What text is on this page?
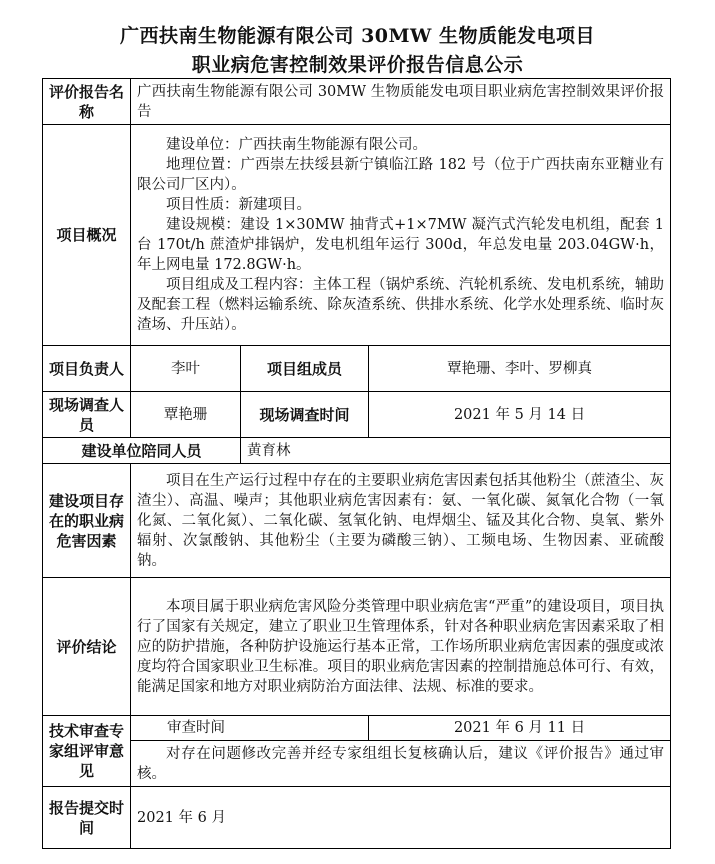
广西扶南生物能源有限公司 30MW 生物质能发电项目
职业病危害控制效果评价报告信息公示
评价报告名称	广西扶南生物能源有限公司 30MW 生物质能发电项目职业病危害控制效果评价报告		

项目概况	建设单位：广西扶南生物能源有限公司。

地理位置：广西崇左扶绥县新宁镇临江路 182 号（位于广西扶南东亚糖业有限公司厂区内）。

项目性质：新建项目。

建设规模：建设 1×30MW 抽背式+1×7MW 凝汽式汽轮发电机组，配套 1 台 170t/h 蔗渣炉排锅炉，发电机组年运行 300d，年总发电量 203.04GW·h，年上网电量 172.8GW·h。

项目组成及工程内容：主体工程（锅炉系统、汽轮机系统、发电机系统，辅助及配套工程（燃料运输系统、除灰渣系统、供排水系统、化学水处理系统、临时灰渣场、升压站）。		

项目负责人	李叶	项目组成员	覃艳珊、李叶、罗柳真
现场调查人员	覃艳珊	现场调查时间	2021 年 5 月 14 日
建设单位陪同人员		黄育林	
建设项目存在的职业病危害因素	项目在生产运行过程中存在的主要职业病危害因素包括其他粉尘（蔗渣尘、灰渣尘）、高温、噪声；其他职业病危害因素有：氨、一氧化碳、氮氧化合物（一氧化氮、二氧化氮）、二氧化碳、氢氧化钠、电焊烟尘、锰及其化合物、臭氧、紫外辐射、次氯酸钠、其他粉尘（主要为磷酸三钠）、工频电场、生物因素、亚硫酸钠。		

评价结论	本项目属于职业病危害风险分类管理中职业病危害“严重”的建设项目，项目执行了国家有关规定，建立了职业卫生管理体系，针对各种职业病危害因素采取了相应的防护措施，各种防护设施运行基本正常，工作场所职业病危害因素的强度或浓度均符合国家职业卫生标准。项目的职业病危害因素的控制措施总体可行、有效，能满足国家和地方对职业病防治方面法律、法规、标准的要求。		

技术审查专家组评审意见	审查时间		2021 年 6 月 11 日

	对存在问题修改完善并经专家组组长复核确认后，建议《评价报告》通过审核。		

报告提交时间	2021 年 6 月		
